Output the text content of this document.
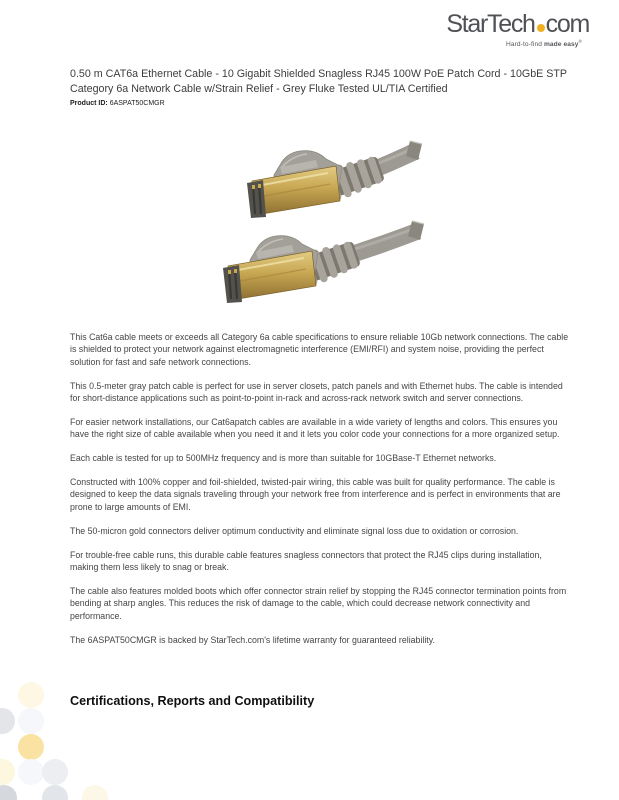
StarTech com
Hard-to-find made easy®
0.50 m CAT6a Ethernet Cable - 10 Gigabit Shielded Snagless RJ45 100W PoE Patch Cord - 10GbE STP Category 6a Network Cable w/Strain Relief - Grey Fluke Tested UL/TIA Certified
Product ID: 6ASPAT50CMGR

This Cat6a cable meets or exceeds all Category 6a cable specifications to ensure reliable 10Gb network connections. The cable is shielded to protect your network against electromagnetic interference (EMI/RFI) and system noise, providing the perfect solution for fast and safe network connections.

This 0.5-meter gray patch cable is perfect for use in server closets, patch panels and with Ethernet hubs. The cable is intended for short-distance applications such as point-to-point in-rack and across-rack network switch and server connections.

For easier network installations, our Cat6apatch cables are available in a wide variety of lengths and colors. This ensures you have the right size of cable available when you need it and it lets you color code your connections for a more organized setup.

Each cable is tested for up to 500MHz frequency and is more than suitable for 10GBase-T Ethernet networks.

Constructed with 100% copper and foil-shielded, twisted-pair wiring, this cable was built for quality performance. The cable is designed to keep the data signals traveling through your network free from interference and is perfect in environments that are prone to large amounts of EMI.

The 50-micron gold connectors deliver optimum conductivity and eliminate signal loss due to oxidation or corrosion.

For trouble-free cable runs, this durable cable features snagless connectors that protect the RJ45 clips during installation, making them less likely to snag or break.

The cable also features molded boots which offer connector strain relief by stopping the RJ45 connector termination points from bending at sharp angles. This reduces the risk of damage to the cable, which could decrease network connectivity and performance.

The 6ASPAT50CMGR is backed by StarTech.com's lifetime warranty for guaranteed reliability.

Certifications, Reports and Compatibility
